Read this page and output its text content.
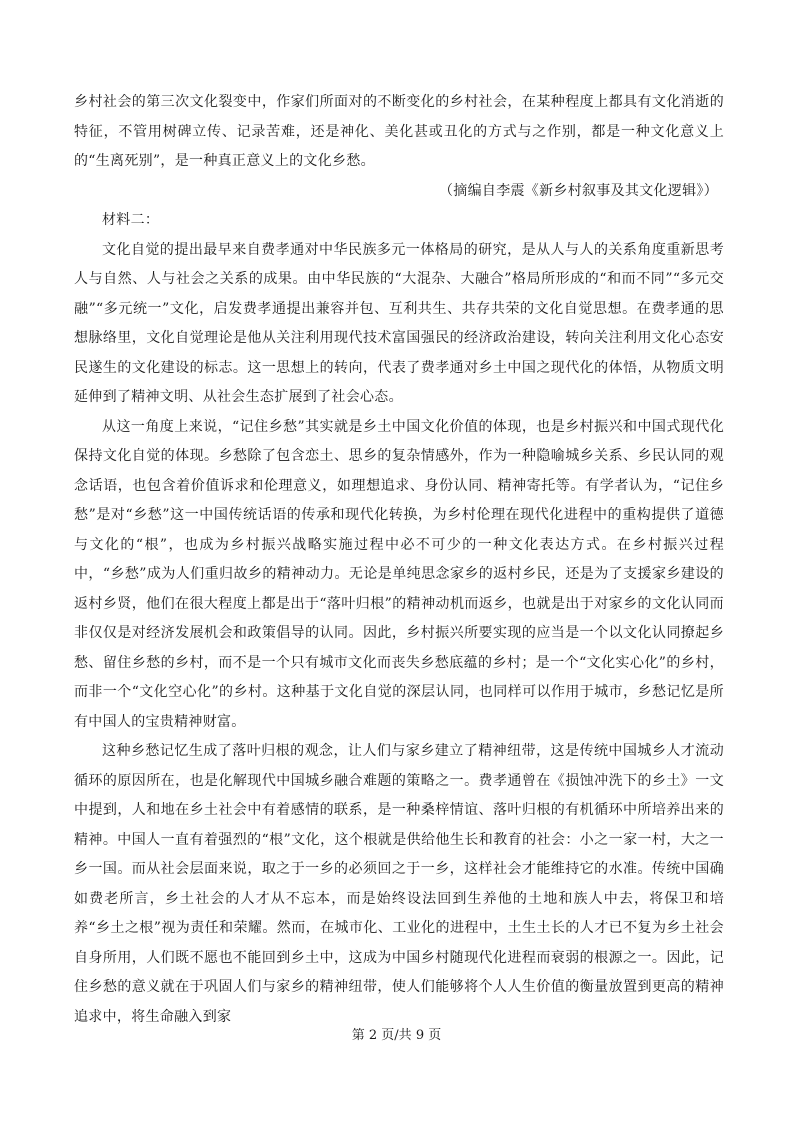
乡村社会的第三次文化裂变中，作家们所面对的不断变化的乡村社会，在某种程度上都具有文化消逝的特征，不管用树碑立传、记录苦难，还是神化、美化甚或丑化的方式与之作别，都是一种文化意义上的“生离死别”，是一种真正意义上的文化乡愁。

（摘编自李震《新乡村叙事及其文化逻辑》）

材料二：

文化自觉的提出最早来自费孝通对中华民族多元一体格局的研究，是从人与人的关系角度重新思考人与自然、人与社会之关系的成果。由中华民族的“大混杂、大融合”格局所形成的“和而不同”“多元交融”“多元统一”文化，启发费孝通提出兼容并包、互利共生、共存共荣的文化自觉思想。在费孝通的思想脉络里，文化自觉理论是他从关注利用现代技术富国强民的经济政治建设，转向关注利用文化心态安民遂生的文化建设的标志。这一思想上的转向，代表了费孝通对乡土中国之现代化的体悟，从物质文明延伸到了精神文明、从社会生态扩展到了社会心态。

从这一角度上来说，“记住乡愁”其实就是乡土中国文化价值的体现，也是乡村振兴和中国式现代化保持文化自觉的体现。乡愁除了包含恋土、思乡的复杂情感外，作为一种隐喻城乡关系、乡民认同的观念话语，也包含着价值诉求和伦理意义，如理想追求、身份认同、精神寄托等。有学者认为，“记住乡愁”是对“乡愁”这一中国传统话语的传承和现代化转换，为乡村伦理在现代化进程中的重构提供了道德与文化的“根”，也成为乡村振兴战略实施过程中必不可少的一种文化表达方式。在乡村振兴过程中，“乡愁”成为人们重归故乡的精神动力。无论是单纯思念家乡的返村乡民，还是为了支援家乡建设的返村乡贤，他们在很大程度上都是出于“落叶归根”的精神动机而返乡，也就是出于对家乡的文化认同而非仅仅是对经济发展机会和政策倡导的认同。因此，乡村振兴所要实现的应当是一个以文化认同撩起乡愁、留住乡愁的乡村，而不是一个只有城市文化而丧失乡愁底蕴的乡村；是一个“文化实心化”的乡村，而非一个“文化空心化”的乡村。这种基于文化自觉的深层认同，也同样可以作用于城市，乡愁记忆是所有中国人的宝贵精神财富。

这种乡愁记忆生成了落叶归根的观念，让人们与家乡建立了精神纽带，这是传统中国城乡人才流动循环的原因所在，也是化解现代中国城乡融合难题的策略之一。费孝通曾在《损蚀冲洗下的乡土》一文中提到，人和地在乡土社会中有着感情的联系，是一种桑梓情谊、落叶归根的有机循环中所培养出来的精神。中国人一直有着强烈的“根”文化，这个根就是供给他生长和教育的社会：小之一家一村，大之一乡一国。而从社会层面来说，取之于一乡的必须回之于一乡，这样社会才能维持它的水准。传统中国确如费老所言，乡土社会的人才从不忘本，而是始终设法回到生养他的土地和族人中去，将保卫和培养“乡土之根”视为责任和荣耀。然而，在城市化、工业化的进程中，土生土长的人才已不复为乡土社会自身所用，人们既不愿也不能回到乡土中，这成为中国乡村随现代化进程而衰弱的根源之一。因此，记住乡愁的意义就在于巩固人们与家乡的精神纽带，使人们能够将个人人生价值的衡量放置到更高的精神追求中，将生命融入到家

第 2 页/共 9 页
